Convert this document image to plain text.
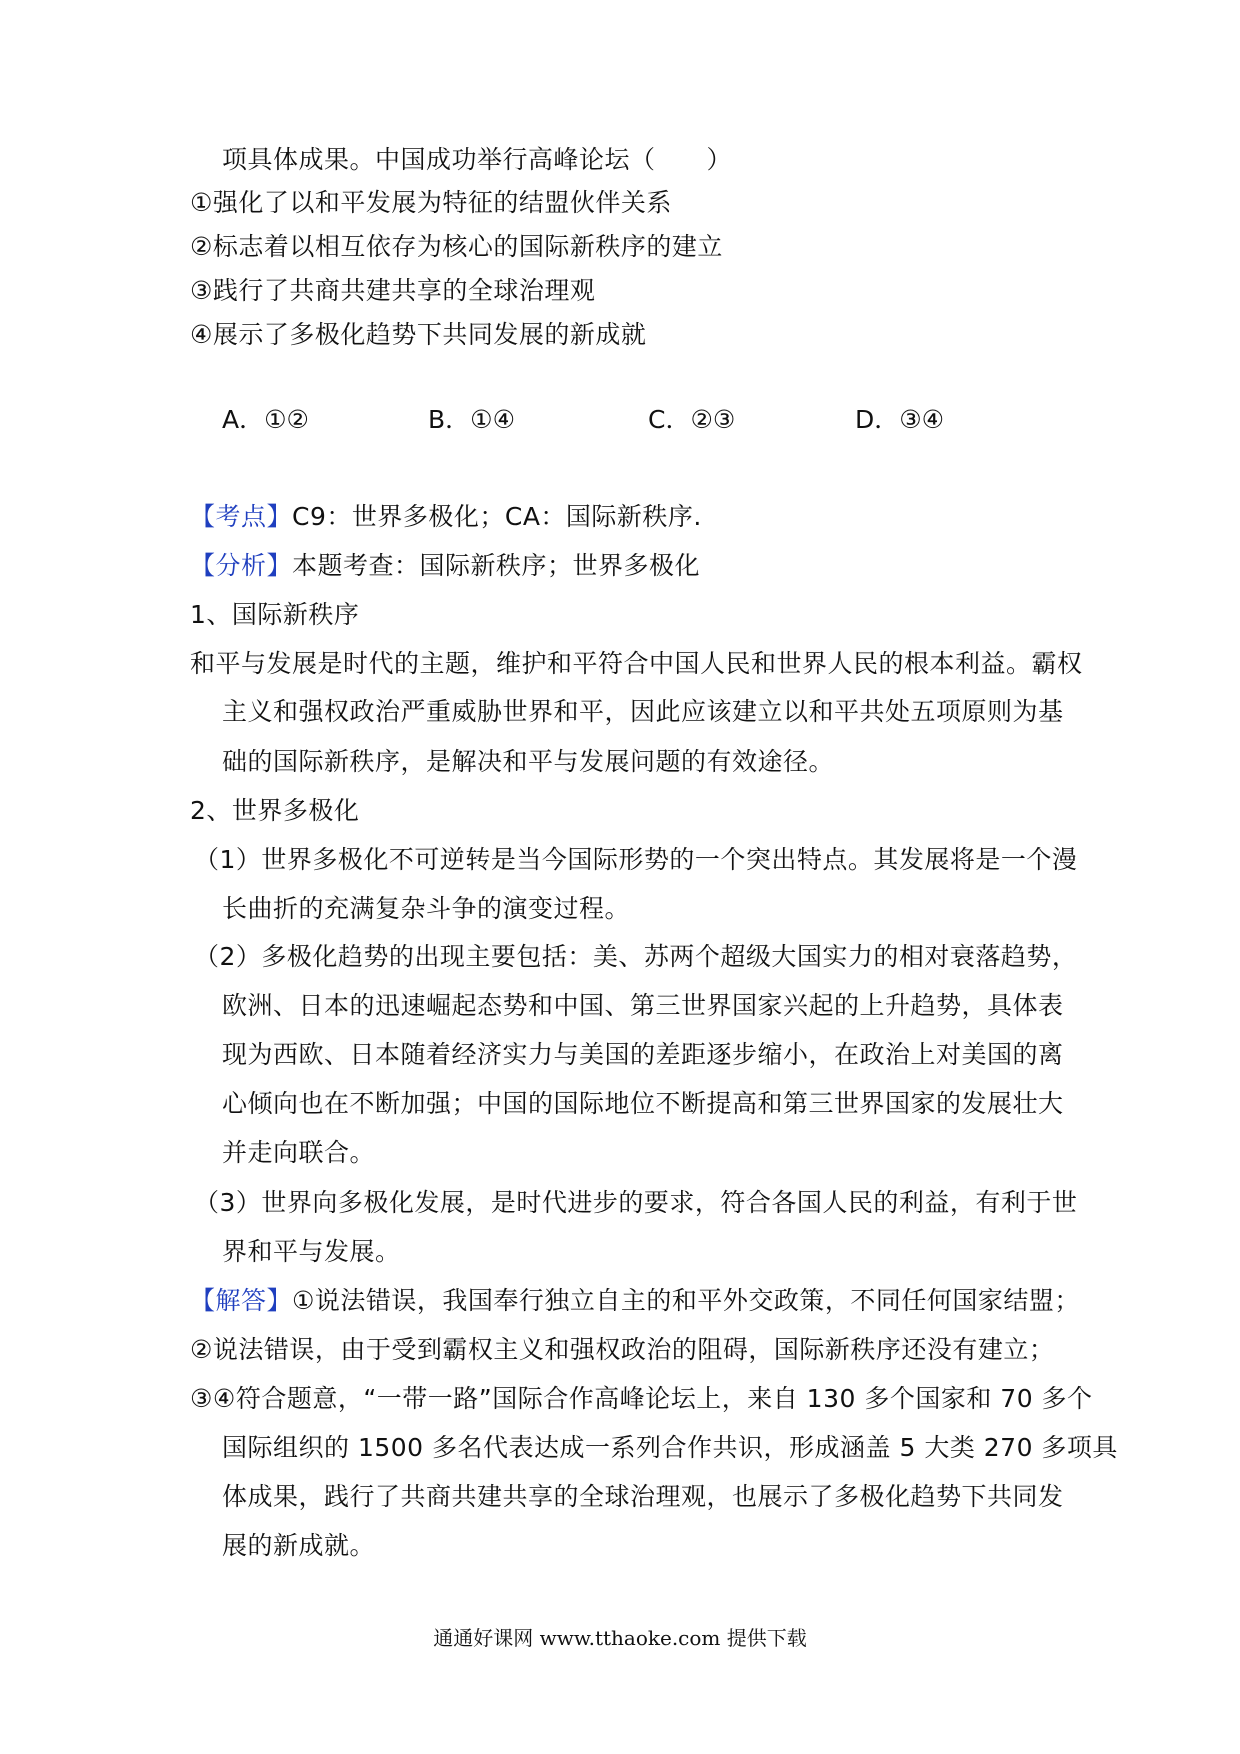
项具体成果。中国成功举行高峰论坛（　　）
①强化了以和平发展为特征的结盟伙伴关系
②标志着以相互依存为核心的国际新秩序的建立
③践行了共商共建共享的全球治理观
④展示了多极化趋势下共同发展的新成就
A．①②	B．①④	C．②③	D．③④
【考点】C9：世界多极化；CA：国际新秩序.
【分析】本题考查：国际新秩序；世界多极化
1、国际新秩序
和平与发展是时代的主题，维护和平符合中国人民和世界人民的根本利益。霸权
主义和强权政治严重威胁世界和平，因此应该建立以和平共处五项原则为基
础的国际新秩序，是解决和平与发展问题的有效途径。
2、世界多极化
（1）世界多极化不可逆转是当今国际形势的一个突出特点。其发展将是一个漫
长曲折的充满复杂斗争的演变过程。
（2）多极化趋势的出现主要包括：美、苏两个超级大国实力的相对衰落趋势，
欧洲、日本的迅速崛起态势和中国、第三世界国家兴起的上升趋势，具体表
现为西欧、日本随着经济实力与美国的差距逐步缩小，在政治上对美国的离
心倾向也在不断加强；中国的国际地位不断提高和第三世界国家的发展壮大
并走向联合。
（3）世界向多极化发展，是时代进步的要求，符合各国人民的利益，有利于世
界和平与发展。
【解答】①说法错误，我国奉行独立自主的和平外交政策，不同任何国家结盟；
②说法错误，由于受到霸权主义和强权政治的阻碍，国际新秩序还没有建立；
③④符合题意，“一带一路”国际合作高峰论坛上，来自 130 多个国家和 70 多个
国际组织的 1500 多名代表达成一系列合作共识，形成涵盖 5 大类 270 多项具
体成果，践行了共商共建共享的全球治理观，也展示了多极化趋势下共同发
展的新成就。
通通好课网 www.tthaoke.com 提供下载
